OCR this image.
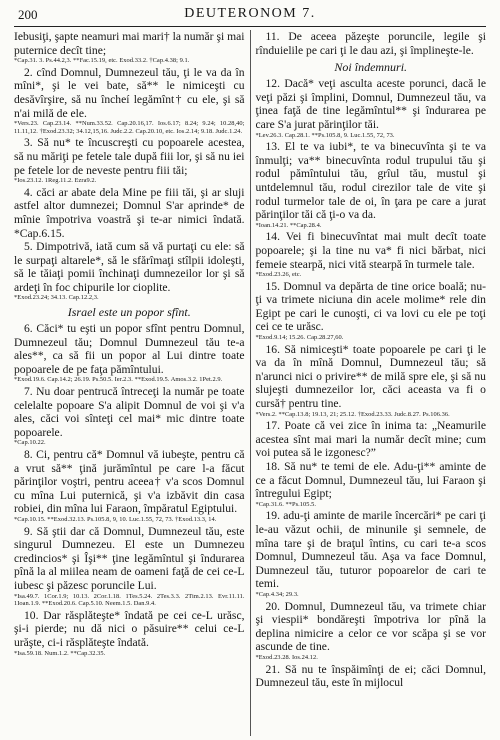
200	DEUTERONOM 7.

Iebusiţi, şapte neamuri mai mari† la număr şi mai puternice decît tine;

*Cap.31. 3. Ps.44.2,3. **Fac.15.19, etc. Exod.33.2. †Cap.4.38; 9.1.

2. cînd Domnul, Dumnezeul tău, ţi le va da în mîni*, şi le vei bate, să** le nimiceşti cu desăvîrşire, să nu încheí legămînt† cu ele, şi să n'ai milă de ele.

*Vers.23. Cap.23.14. **Num.33.52. Cap.20.16,17. Ios.6.17; 8.24; 9.24; 10.28,40; 11.11,12. †Exod.23.32; 34.12,15,16. Judc.2.2. Cap.20.10, etc. Ios.2.14; 9.18. Judc.1.24.

3. Să nu* te încuscreşti cu popoarele acestea, să nu măriţi pe fetele tale după fiii lor, şi să nu iei pe fetele lor de neveste pentru fiii tăi;

*Ios.23.12. 1Reg.11.2. Ezra9.2.

4. căci ar abate dela Mine pe fiii tăi, şi ar sluji astfel altor dumnezei; Domnul S'ar aprinde* de mînie împotriva voastră şi te-ar nimici îndată. *Cap.6.15.

5. Dimpotrivă, iată cum să vă purtaţi cu ele: să le surpaţi altarele*, să le sfărîmaţi stîlpii idoleşti, să le tăiaţi pomii închinaţi dumnezeilor lor şi să ardeţi în foc chipurile lor cioplite.

*Exod.23.24; 34.13. Cap.12.2,3.

Israel este un popor sfînt.

6. Căci* tu eşti un popor sfînt pentru Domnul, Dumnezeul tău; Domnul Dumnezeul tău te-a ales**, ca să fii un popor al Lui dintre toate popoarele de pe faţa pămîntului.

*Exod.19.6. Cap.14.2; 26.19. Ps.50.5. Ier.2.3. **Exod.19.5. Amos.3.2. 1Pet.2.9.

7. Nu doar pentrucă întreceţi la număr pe toate celelalte popoare S'a alipit Domnul de voi şi v'a ales, căci voi sînteţi cel mai* mic dintre toate popoarele.

*Cap.10.22.

8. Ci, pentru că* Domnul vă iubeşte, pentru că a vrut să** ţină jurămîntul pe care l-a făcut părinţilor voştri, pentru aceea† v'a scos Domnul cu mîna Lui puternică, şi v'a izbăvit din casa robiei, din mîna lui Faraon, împăratul Egiptului.

*Cap.10.15. **Exod.32.13. Ps.105.8, 9, 10. Luc.1.55, 72, 73. †Exod.13.3, 14.

9. Să ştii dar că Domnul, Dumnezeul tău, este singurul Dumnezeu. El este un Dumnezeu credincios* şi Îşi** ţine legămîntul şi îndurarea pînă la al miilea neam de oameni faţă de cei ce-L iubesc şi păzesc poruncile Lui.

*Isa.49.7. 1Cor.1.9; 10.13. 2Cor.1.18. 1Tes.5.24. 2Tes.3.3. 2Tim.2.13. Evr.11.11. 1Ioan.1.9. **Exod.20.6. Cap.5.10. Neem.1.5. Dan.9.4.

10. Dar răsplăteşte* îndată pe cei ce-L urăsc, şi-i pierde; nu dă nici o păsuire** celui ce-L urăşte, ci-i răsplăteşte îndată.

*Isa.59.18. Num.1.2. **Cap.32.35.

11. De aceea păzeşte poruncile, legile şi rînduielile pe cari ţi le dau azi, şi împlineşte-le.

Noi îndemnuri.

12. Dacă* veţi asculta aceste porunci, dacă le veţi păzi şi împlini, Domnul, Dumnezeul tău, va ţinea faţă de tine legămîntul** şi îndurarea pe care S'a jurat părinţilor tăi.

*Lev.26.3. Cap.28.1. **Ps.105.8, 9. Luc.1.55, 72, 73.

13. El te va iubi*, te va binecuvînta şi te va înmulţi; va** binecuvînta rodul trupului tău şi rodul pămîntului tău, grîul tău, mustul şi untdelemnul tău, rodul cirezilor tale de vite şi rodul turmelor tale de oi, în ţara pe care a jurat părinţilor tăi că ţi-o va da.

*Ioan.14.21. **Cap.28.4.

14. Vei fi binecuvîntat mai mult decît toate popoarele; şi la tine nu va* fi nici bărbat, nici femeie stearpă, nici vită stearpă în turmele tale.

*Exod.23.26, etc.

15. Domnul va depărta de tine orice boală; nu-ţi va trimete niciuna din acele molime* rele din Egipt pe cari le cunoşti, ci va lovi cu ele pe toţi cei ce te urăsc.

*Exod.9.14; 15.26. Cap.28.27,60.

16. Să nimiceşti* toate popoarele pe cari ţi le va da în mînă Domnul, Dumnezeul tău; să n'arunci nici o privire** de milă spre ele, şi să nu slujeşti dumnezeilor lor, căci aceasta va fi o cursă† pentru tine.

*Vers.2. **Cap.13.8; 19.13, 21; 25.12. †Exod.23.33. Judc.8.27. Ps.106.36.

17. Poate că vei zice în inima ta: „Neamurile acestea sînt mai mari la număr decît mine; cum voi putea să le izgonesc?”

18. Să nu* te temi de ele. Adu-ţi** aminte de ce a făcut Domnul, Dumnezeul tău, lui Faraon şi întregului Egipt;

*Cap.31.6. **Ps.105.5.

19. adu-ţi aminte de marile încercări* pe cari ţi le-au văzut ochii, de minunile şi semnele, de mîna tare şi de braţul întins, cu cari te-a scos Domnul, Dumnezeul tău. Aşa va face Domnul, Dumnezeul tău, tuturor popoarelor de cari te temi.

*Cap.4.34; 29.3.

20. Domnul, Dumnezeul tău, va trimete chiar şi viespii* bondăreşti împotriva lor pînă la deplina nimicire a celor ce vor scăpa şi se vor ascunde de tine.

*Exod.23.28. Ios.24.12.

21. Să nu te înspăimînţi de ei; căci Domnul, Dumnezeul tău, este în mijlocul
